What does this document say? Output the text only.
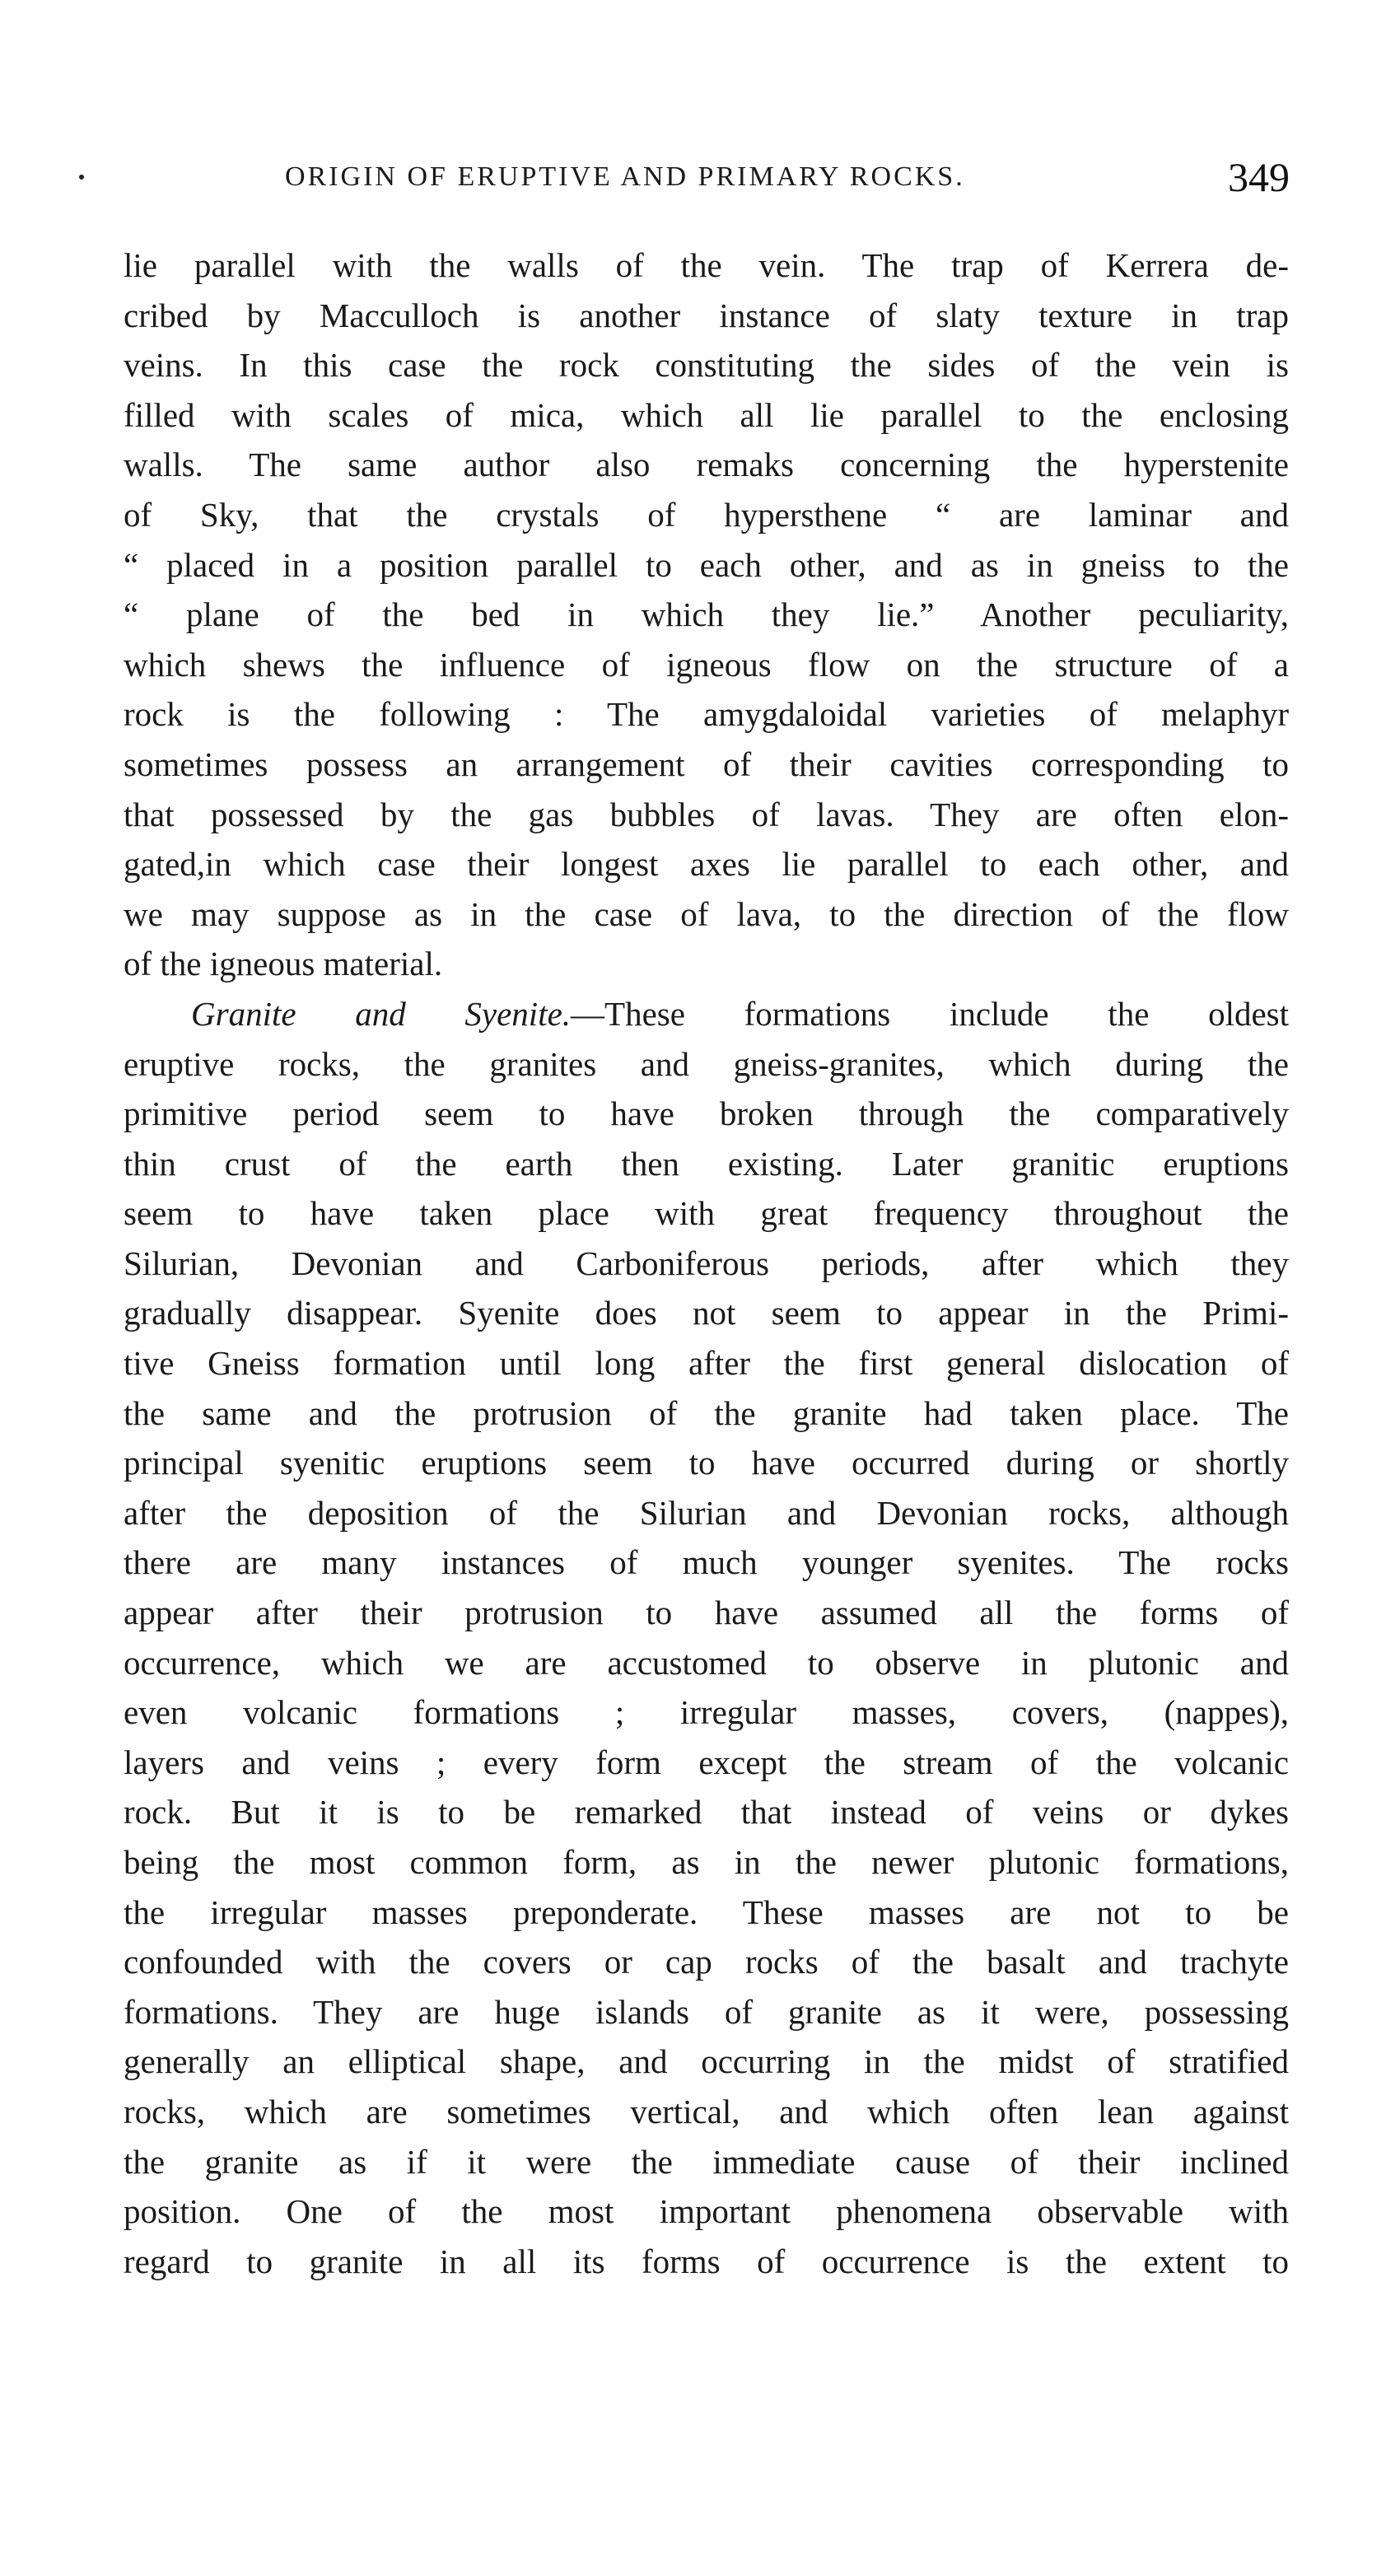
ORIGIN OF ERUPTIVE AND PRIMARY ROCKS.	349
lie parallel with the walls of the vein. The trap of Kerrera de-
cribed by Macculloch is another instance of slaty texture in trap
veins. In this case the rock constituting the sides of the vein is
filled with scales of mica, which all lie parallel to the enclosing
walls. The same author also remaks concerning the hyperstenite
of Sky, that the crystals of hypersthene “ are laminar and
“ placed in a position parallel to each other, and as in gneiss to the
“ plane of the bed in which they lie.” Another peculiarity,
which shews the influence of igneous flow on the structure of a
rock is the following : The amygdaloidal varieties of melaphyr
sometimes possess an arrangement of their cavities corresponding to
that possessed by the gas bubbles of lavas. They are often elon-
gated,in which case their longest axes lie parallel to each other, and
we may suppose as in the case of lava, to the direction of the flow
of the igneous material.
Granite and Syenite.—These formations include the oldest
eruptive rocks, the granites and gneiss-granites, which during the
primitive period seem to have broken through the comparatively
thin crust of the earth then existing. Later granitic eruptions
seem to have taken place with great frequency throughout the
Silurian, Devonian and Carboniferous periods, after which they
gradually disappear. Syenite does not seem to appear in the Primi-
tive Gneiss formation until long after the first general dislocation of
the same and the protrusion of the granite had taken place. The
principal syenitic eruptions seem to have occurred during or shortly
after the deposition of the Silurian and Devonian rocks, although
there are many instances of much younger syenites. The rocks
appear after their protrusion to have assumed all the forms of
occurrence, which we are accustomed to observe in plutonic and
even volcanic formations ; irregular masses, covers, (nappes),
layers and veins ; every form except the stream of the volcanic
rock. But it is to be remarked that instead of veins or dykes
being the most common form, as in the newer plutonic formations,
the irregular masses preponderate. These masses are not to be
confounded with the covers or cap rocks of the basalt and trachyte
formations. They are huge islands of granite as it were, possessing
generally an elliptical shape, and occurring in the midst of stratified
rocks, which are sometimes vertical, and which often lean against
the granite as if it were the immediate cause of their inclined
position. One of the most important phenomena observable with
regard to granite in all its forms of occurrence is the extent to
